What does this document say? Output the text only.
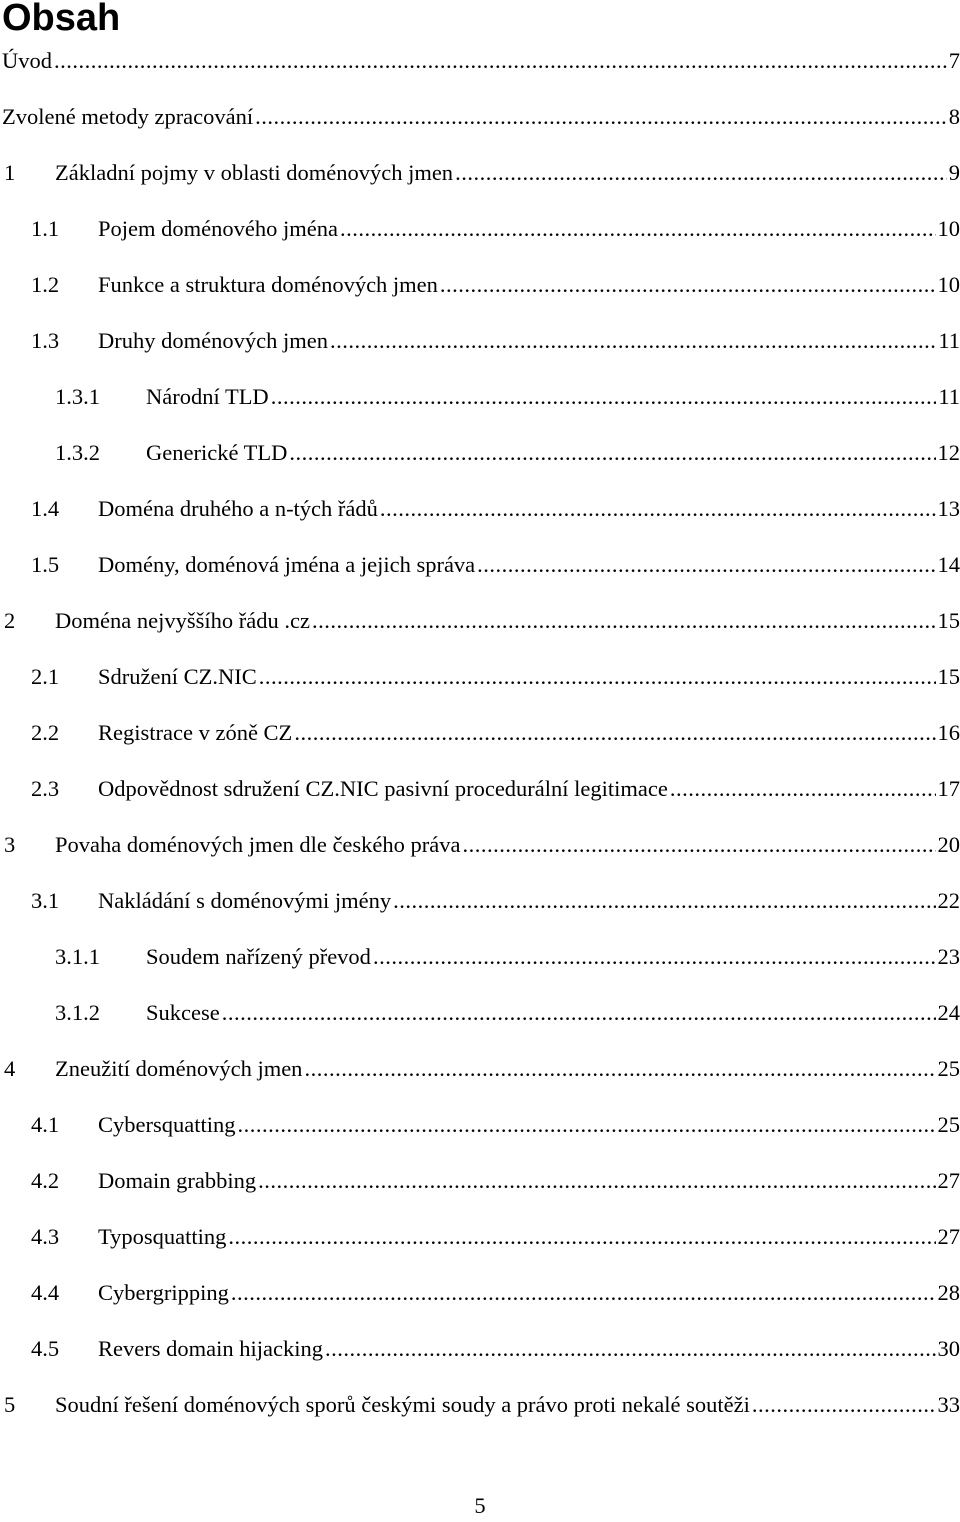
Obsah
Úvod .....	7
Zvolené metody zpracování .....	8
1	Základní pojmy v oblasti doménových jmen .....	9
1.1	Pojem doménového jména .....	10
1.2	Funkce a struktura doménových jmen .....	10
1.3	Druhy doménových jmen .....	11
1.3.1	Národní TLD .....	11
1.3.2	Generické TLD .....	12
1.4	Doména druhého a n-tých řádů .....	13
1.5	Domény, doménová jména a jejich správa .....	14
2	Doména nejvyššího řádu .cz .....	15
2.1	Sdružení CZ.NIC .....	15
2.2	Registrace v zóně CZ .....	16
2.3	Odpovědnost sdružení CZ.NIC pasivní procedurální legitimace .....	17
3	Povaha doménových jmen dle českého práva .....	20
3.1	Nakládání s doménovými jmény .....	22
3.1.1	Soudem nařízený převod .....	23
3.1.2	Sukcese .....	24
4	Zneužití doménových jmen .....	25
4.1	Cybersquatting .....	25
4.2	Domain grabbing .....	27
4.3	Typosquatting .....	27
4.4	Cybergripping .....	28
4.5	Revers domain hijacking .....	30
5	Soudní řešení doménových sporů českými soudy a právo proti nekalé soutěži .....	33
5
